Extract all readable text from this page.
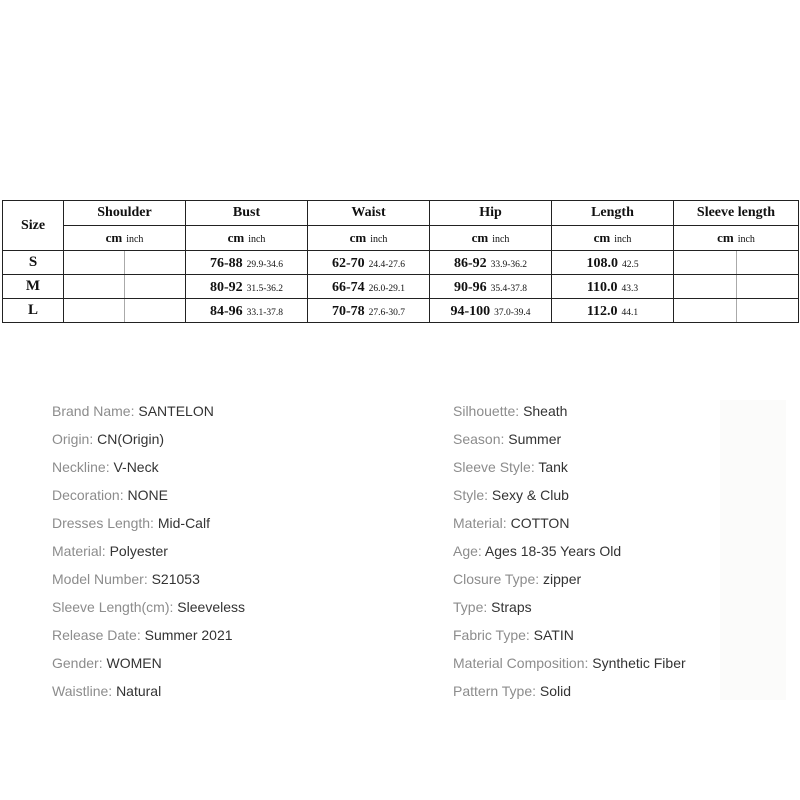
Size	Shoulder	Bust	Waist	Hip	Length	Sleeve length
	cm inch	cm inch	cm inch	cm inch	cm inch	cm inch
S		76-88 29.9-34.6	62-70 24.4-27.6	86-92 33.9-36.2	108.0 42.5	

M		80-92 31.5-36.2	66-74 26.0-29.1	90-96 35.4-37.8	110.0 43.3	

L		84-96 33.1-37.8	70-78 27.6-30.7	94-100 37.0-39.4	112.0 44.1	
Brand Name: SANTELON
Origin: CN(Origin)
Neckline: V-Neck
Decoration: NONE
Dresses Length: Mid-Calf
Material: Polyester
Model Number: S21053
Sleeve Length(cm): Sleeveless
Release Date: Summer 2021
Gender: WOMEN
Waistline: Natural
Silhouette: Sheath
Season: Summer
Sleeve Style: Tank
Style: Sexy & Club
Material: COTTON
Age: Ages 18-35 Years Old
Closure Type: zipper
Type: Straps
Fabric Type: SATIN
Material Composition: Synthetic Fiber
Pattern Type: Solid
